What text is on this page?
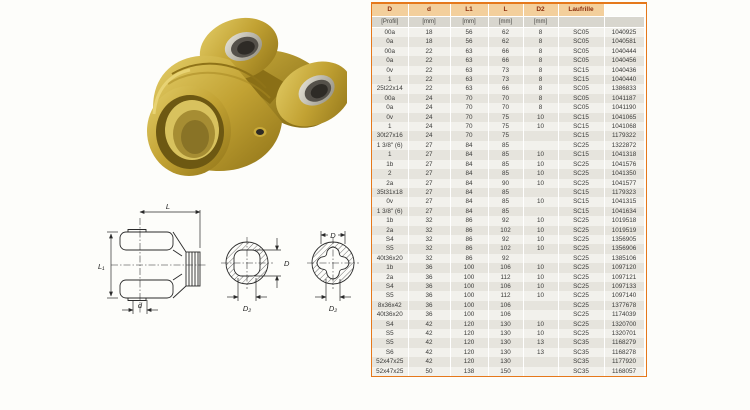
L
L₁
d
D
D₂
D
D₂
D	d	L1	L	D2	Laufrille	
[Profil]	[mm]	[mm]	[mm]	[mm]		
00a	18	56	62	8	SC05	1040925
0a	18	56	62	8	SC05	1040581
00a	22	63	66	8	SC05	1040444
0a	22	63	66	8	SC05	1040456
0v	22	63	73	8	SC15	1040436
1	22	63	73	8	SC15	1040440
25t22x14	22	63	66	8	SC05	1386833
00a	24	70	70	8	SC05	1041187
0a	24	70	70	8	SC05	1041190
0v	24	70	75	10	SC15	1041065
1	24	70	75	10	SC15	1041068
30t27x16	24	70	75		SC15	1179322
1 3/8" (6)	27	84	85		SC25	1322872
1	27	84	85	10	SC15	1041318
1b	27	84	85	10	SC25	1041576
2	27	84	85	10	SC25	1041350
2a	27	84	90	10	SC25	1041577
35t31x18	27	84	85		SC15	1179323
0v	27	84	85	10	SC15	1041315
1 3/8" (6)	27	84	85		SC15	1041634
1b	32	86	92	10	SC25	1019518
2a	32	86	102	10	SC25	1019519
S4	32	86	92	10	SC25	1356905
S5	32	86	102	10	SC25	1356906
40t36x20	32	86	92		SC25	1385106
1b	36	100	106	10	SC25	1097120
2a	36	100	112	10	SC25	1097121
S4	36	100	106	10	SC25	1097133
S5	36	100	112	10	SC25	1097140
8x36x42	36	100	106		SC25	1377678
40t36x20	36	100	106		SC25	1174039
S4	42	120	130	10	SC25	1320700
S5	42	120	130	10	SC25	1320701
S5	42	120	130	13	SC35	1168279
S6	42	120	130	13	SC35	1168278
52x47x25	42	120	130		SC35	1177920
52x47x25	50	138	150		SC35	1168057
